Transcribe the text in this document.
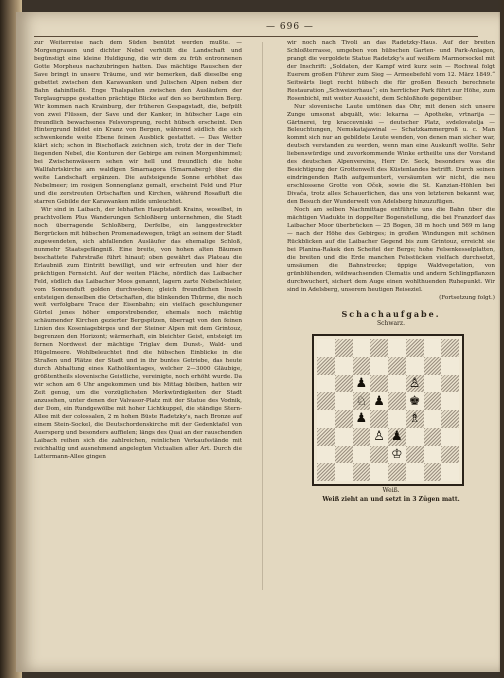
— 696 —

zur Weiterreise nach dem Süden benützt werden mußte. — Morgengrauen und dichter Nebel verhüllt die Landschaft und begünstigt eine kleine Huldigung, die wir dem zu früh entronnenen Gotte Morpheus nachzubringen hatten. Das mächtige Rauschen der Save bringt in unsere Träume, und wir bemerken, daß dieselbe eng gebettet zwischen den Karawanken und Julischen Alpen neben der Bahn dahinfließt. Enge Thalspalten zwischen den Ausläufern der Terglaugruppe gestatten prächtige Blicke auf den so berühmten Berg. Wir kommen nach Krainburg, der früheren Gespagstadt, die, befpült von zwei Flüssen, der Save und der Kanker, in hübscher Lage ein freundlich bewachsenes Felsvorsprung, recht hübsch erscheint. Den Hintergrund bildet ein Kranz von Bergen, während südlich die sich schwenkende weite Ebene feinen Ausblick gestattet. — Das Wetter klärt sich; schon in Bischoflack zeichnen sich, trotz der in der Tiefe liegenden Nebel, die Konturen der Gebirge am reinen Morgenhimmel; bei Zwischenwässern sehen wir hell und freundlich die hohe Wallfahrtskirche am waldigen Smarnagora (Smarnaberg) über die weite Landschaft ergänzen. Die aufsteigende Sonne erhöhet das Nebelmeer; im rosigen Sonnenglanz gemalt, erscheint Feld und Flur und die zerstreuten Ortschaften und Kirchen, während Rosafluft die starren Gebilde der Karawanken milde umleuchtet.

Wir sind in Laibach, der lebhaften Hauptstadt Krains, woselbst, in prachtvollem Plus Wanderungen Schloßberg unternehmen, die Stadt noch überragende Schloßberg, Derfelbe, ein langgestreckter Bergrücken mit hübschen Promenadewegen, trägt an seinem der Stadt zugewendeten, sich abfallenden Ausläufer das ehemalige Schloß, nunmehr Staatsgefängniß. Eine breite, von hohen alten Bäumen beschattete Fahrstraße führt hinauf; oben gewährt das Plateau die Erlaubniß zum Eintritt bewilligt, und wir erfreuten und hier der prächtigen Fernsicht. Auf der weiten Fläche, nördlich das Laibacher Feld, südlich das Laibacher Moos genannt, lagern zarte Nebelschleier, vom Sonnenduft golden durchwoben; gleich freundlichen Inseln entsteigen denselben die Ortschaften, die blinkenden Thürme, die noch weit verfolgbare Trace der Eisenbahn; ein vielfach geschlungener Gürtel jenes höher emporstrebender, ehemals noch mächtig schäumender Kirchen gezierter Bergspitzen, überragt von den feinen Linien des Koseniagebirges und der Steiner Alpen mit dem Grintouz, begrenzen den Horizont; wärmerhaft, ein bleichter Geist, entsteigt im fernen Nordwest der mächtige Triglav dem Dunst-, Wald- und Hügelmeere. Wohlbeleuchtet find die hübschen Einblicke in die Straßen und Plätze der Stadt und in ihr buntes Getriebe, das heute durch Abhaltung eines Katholikentages, welcher 2—3000 Gläubige, größtentheils slovenische Geistliche, vereinigte, noch erhöht wurde. Da wir schon am 6 Uhr angekommen und bis Mittag bleiben, hatten wir Zeit genug, um die vorzüglichsten Merkwürdigkeiten der Stadt anzusehen, unter denen der Valvasor-Platz mit der Statue des Vodnik, der Dom, ein Rundgewölbe mit hoher Lichtkuppel, die ständige Stern-Allee mit der colossalen, 2 m hohen Büste Radetzky's, nach Bronze auf einem Stein-Sockel, die Deutschordenskirche mit der Gedenktafel von Auersperg und besonders auffielen; längs des Quai an der rauschenden Laibach reihen sich die zahlreichen, reinlichen Verkaufsstände mit reichhaltig und ausnehmend angelegten Victualien aller Art. Durch die Lattermann-Allee gingen

wir noch nach Tivoli an das Radetzky-Haus. Auf der breiten Schloßterrasse, umgeben von hübschen Garten- und Park-Anlagen, prangt die vergoldete Statue Radetzky's auf weißem Marmorsockel mit der Inschrift: „Soldaten, der Kampf wird kurz sein — Rochwal folgt Euerem großen Führer zum Sieg — Armeebefehl vom 12. März 1849.“ Seitwärts liegt recht hübsch die für großen Besuch berechnete Restauration „Schweizerhaus“; ein herrlicher Park führt zur Höhe, zum Rosenbichl, mit weiter Aussicht, dem Schloßhofe gegenüber.

Nur slovenische Laute umtönen das Ohr, mit denen sich unsere Zunge umsonst abquält, wie: lekarna — Apotheke, vrtnarija — Gärtnerei, trg kraccevniski — deutscher Platz, svdelovatelja — Beleuchtungen, Nemskatajawinal — Schatzkammergroß u. c. Man kommt sich nur an gebildete Leute wenden, von denen man sicher war, deutsch verstanden zu werden, wenn man eine Auskunft wollte. Sehr liebenswürdige und zuvorkommende Winke ertheilte uns der Vorstand des deutschen Alpenvereins, Herr Dr. Seck, besonders was die Besichtigung der Grottenwelt des Küstenlandes betrifft. Durch seinen eindringenden Rath aufgemuntert, versäumten wir nicht, die neu erschlossene Grotte von Oček, sowie die St. Kanzian-Höhlen bei Divača, trotz alles Schauerlichen, das uns von letzteren bekannt war, den Besuch der Wunderwelt von Adelsberg hinzuzufügen.

Noch am selben Nachmittage entführte uns die Bahn über die mächtigen Viadukte in doppelter Bogenstellung, die bei Franzdorf das Laibacher Moor überbrücken — 25 Bogen, 38 m hoch und 569 m lang — nach der Höhe des Gebirges; in großen Windungen mit schönen Rückblicken auf die Laibacher Gegend bis zum Grintouz, erreicht sie bei Planina-Rakek den Scheitel der Berge; hohe Felsenkesselplatten, die breiten und die Erde manchen Felsstücken vielfach durchsetzt, umsäumen die Bahnstrecke; üppige Waldvegetation, von grünblühenden, wildwachsenden Clematis und andern Schlingpflanzen durchwuchert, sichert dem Auge einen wohlthuenden Ruhepunkt. Wir sind in Adelsberg, unserem heutigen Reiseziel.

(Fortsetzung folgt.)
Schachaufgabe.
Schwarz.
♟	♙
♘ ♟ ♚
♟	♗
♙ ♟
♔
Weiß.
Weiß zieht an und setzt in 3 Zügen matt.
